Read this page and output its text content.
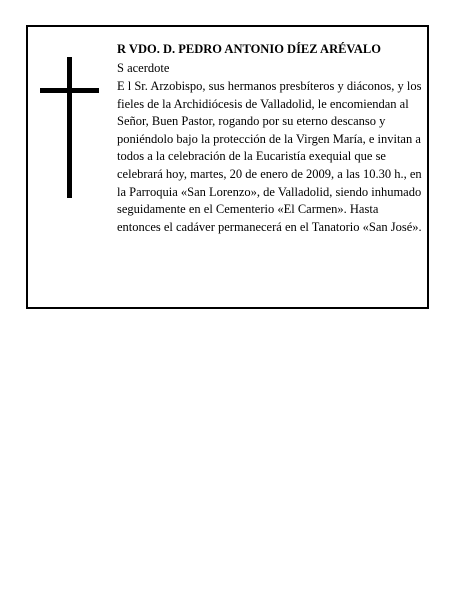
R VDO. D. PEDRO ANTONIO DÍEZ ARÉVALO

S acerdote

E l Sr. Arzobispo, sus hermanos presbíteros y diáconos, y los fieles de la Archidiócesis de Valladolid, le encomiendan al Señor, Buen Pastor, rogando por su eterno descanso y poniéndolo bajo la protección de la Virgen María, e invitan a todos a la celebración de la Eucaristía exequial que se celebrará hoy, martes, 20 de enero de 2009, a las 10.30 h., en la Parroquia «San Lorenzo», de Valladolid, siendo inhumado seguidamente en el Cementerio «El Carmen». Hasta entonces el cadáver permanecerá en el Tanatorio «San José».
